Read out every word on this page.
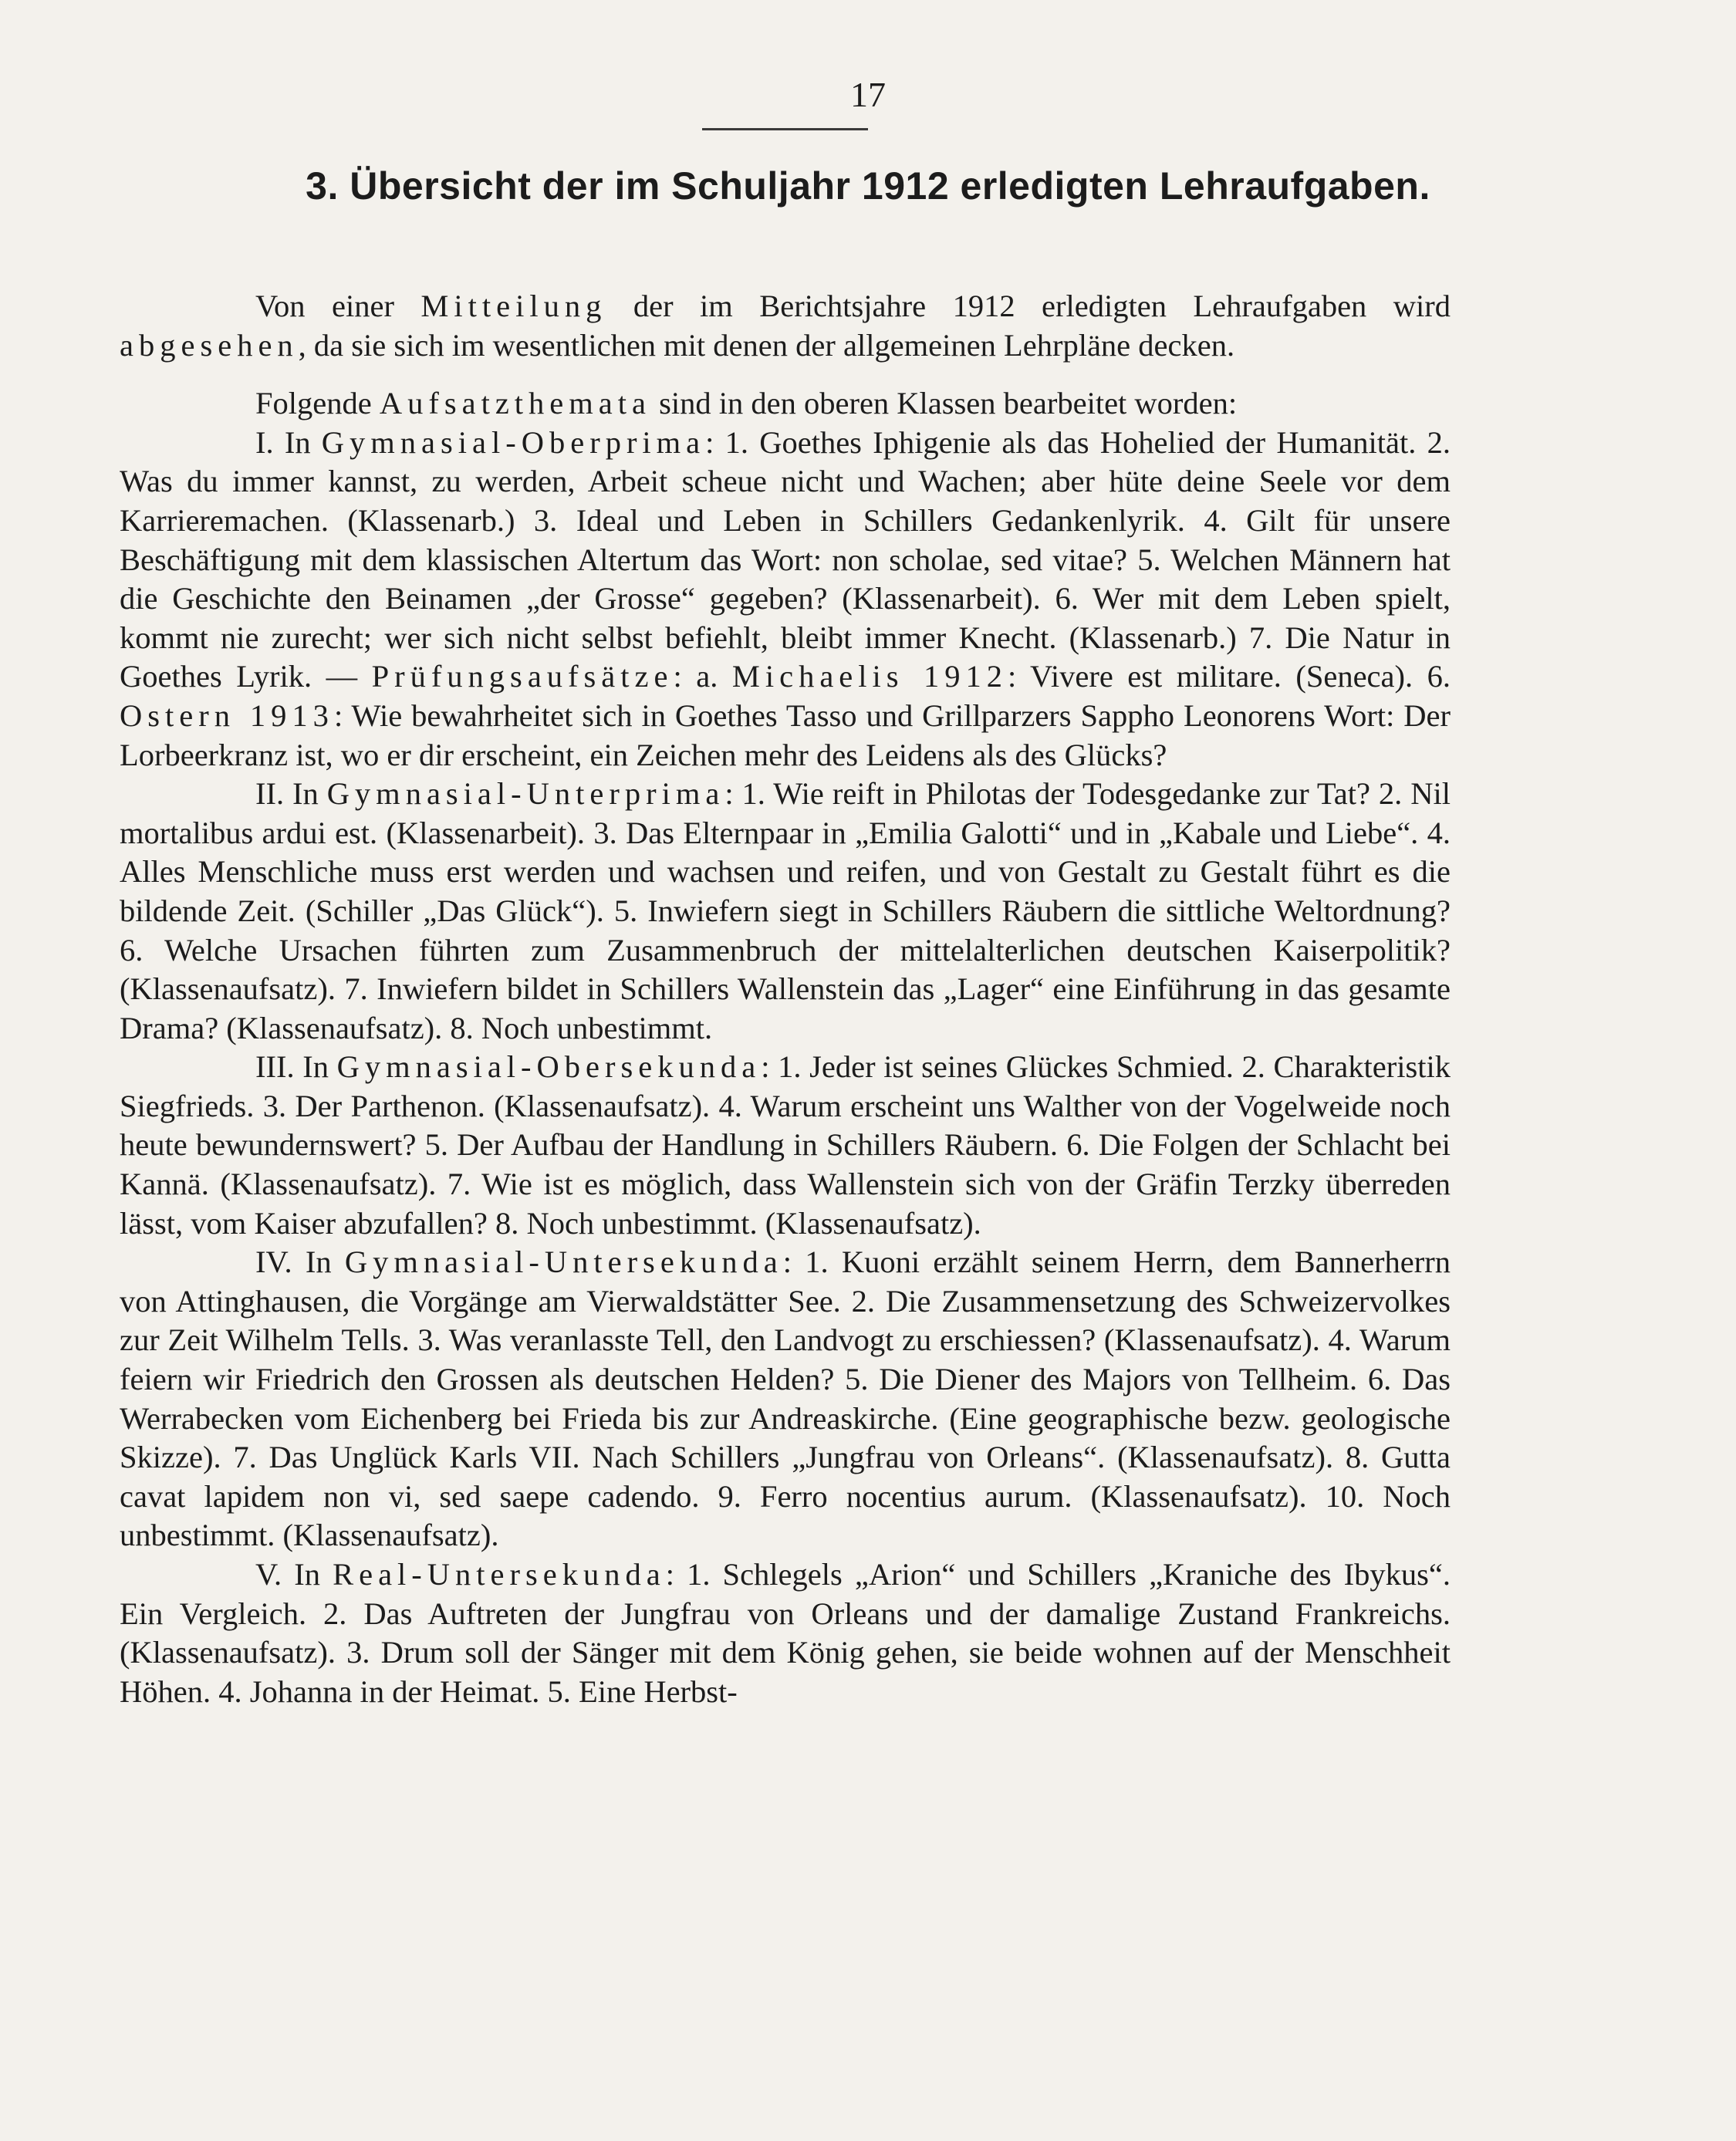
17
3. Übersicht der im Schuljahr 1912 erledigten Lehraufgaben.

Von einer Mitteilung der im Berichtsjahre 1912 erledigten Lehraufgaben wird abgesehen, da sie sich im wesentlichen mit denen der allgemeinen Lehrpläne decken.

Folgende Aufsatzthemata sind in den oberen Klassen bearbeitet worden:

I. In Gymnasial-Oberprima: 1. Goethes Iphigenie als das Hohelied der Humanität. 2. Was du immer kannst, zu werden, Arbeit scheue nicht und Wachen; aber hüte deine Seele vor dem Karrieremachen. (Klassenarb.) 3. Ideal und Leben in Schillers Gedankenlyrik. 4. Gilt für unsere Beschäftigung mit dem klassischen Altertum das Wort: non scholae, sed vitae? 5. Welchen Männern hat die Geschichte den Beinamen „der Grosse“ gegeben? (Klassenarbeit). 6. Wer mit dem Leben spielt, kommt nie zurecht; wer sich nicht selbst befiehlt, bleibt immer Knecht. (Klassenarb.) 7. Die Natur in Goethes Lyrik. — Prüfungsaufsätze: a. Michaelis 1912: Vivere est militare. (Seneca). 6. Ostern 1913: Wie bewahrheitet sich in Goethes Tasso und Grillparzers Sappho Leonorens Wort: Der Lorbeerkranz ist, wo er dir erscheint, ein Zeichen mehr des Leidens als des Glücks?

II. In Gymnasial-Unterprima: 1. Wie reift in Philotas der Todesgedanke zur Tat? 2. Nil mortalibus ardui est. (Klassenarbeit). 3. Das Elternpaar in „Emilia Galotti“ und in „Kabale und Liebe“. 4. Alles Menschliche muss erst werden und wachsen und reifen, und von Gestalt zu Gestalt führt es die bildende Zeit. (Schiller „Das Glück“). 5. Inwiefern siegt in Schillers Räubern die sittliche Weltordnung? 6. Welche Ursachen führten zum Zusammenbruch der mittelalterlichen deutschen Kaiserpolitik? (Klassenaufsatz). 7. Inwiefern bildet in Schillers Wallenstein das „Lager“ eine Einführung in das gesamte Drama? (Klassenaufsatz). 8. Noch unbestimmt.

III. In Gymnasial-Obersekunda: 1. Jeder ist seines Glückes Schmied. 2. Charakteristik Siegfrieds. 3. Der Parthenon. (Klassenaufsatz). 4. Warum erscheint uns Walther von der Vogelweide noch heute bewundernswert? 5. Der Aufbau der Handlung in Schillers Räubern. 6. Die Folgen der Schlacht bei Kannä. (Klassenaufsatz). 7. Wie ist es möglich, dass Wallenstein sich von der Gräfin Terzky überreden lässt, vom Kaiser abzufallen? 8. Noch unbestimmt. (Klassenaufsatz).

IV. In Gymnasial-Untersekunda: 1. Kuoni erzählt seinem Herrn, dem Bannerherrn von Attinghausen, die Vorgänge am Vierwaldstätter See. 2. Die Zusammensetzung des Schweizervolkes zur Zeit Wilhelm Tells. 3. Was veranlasste Tell, den Landvogt zu erschiessen? (Klassenaufsatz). 4. Warum feiern wir Friedrich den Grossen als deutschen Helden? 5. Die Diener des Majors von Tellheim. 6. Das Werrabecken vom Eichenberg bei Frieda bis zur Andreaskirche. (Eine geographische bezw. geologische Skizze). 7. Das Unglück Karls VII. Nach Schillers „Jungfrau von Orleans“. (Klassenaufsatz). 8. Gutta cavat lapidem non vi, sed saepe cadendo. 9. Ferro nocentius aurum. (Klassenaufsatz). 10. Noch unbestimmt. (Klassenaufsatz).

V. In Real-Untersekunda: 1. Schlegels „Arion“ und Schillers „Kraniche des Ibykus“. Ein Vergleich. 2. Das Auftreten der Jungfrau von Orleans und der damalige Zustand Frankreichs. (Klassenaufsatz). 3. Drum soll der Sänger mit dem König gehen, sie beide wohnen auf der Menschheit Höhen. 4. Johanna in der Heimat. 5. Eine Herbst-
